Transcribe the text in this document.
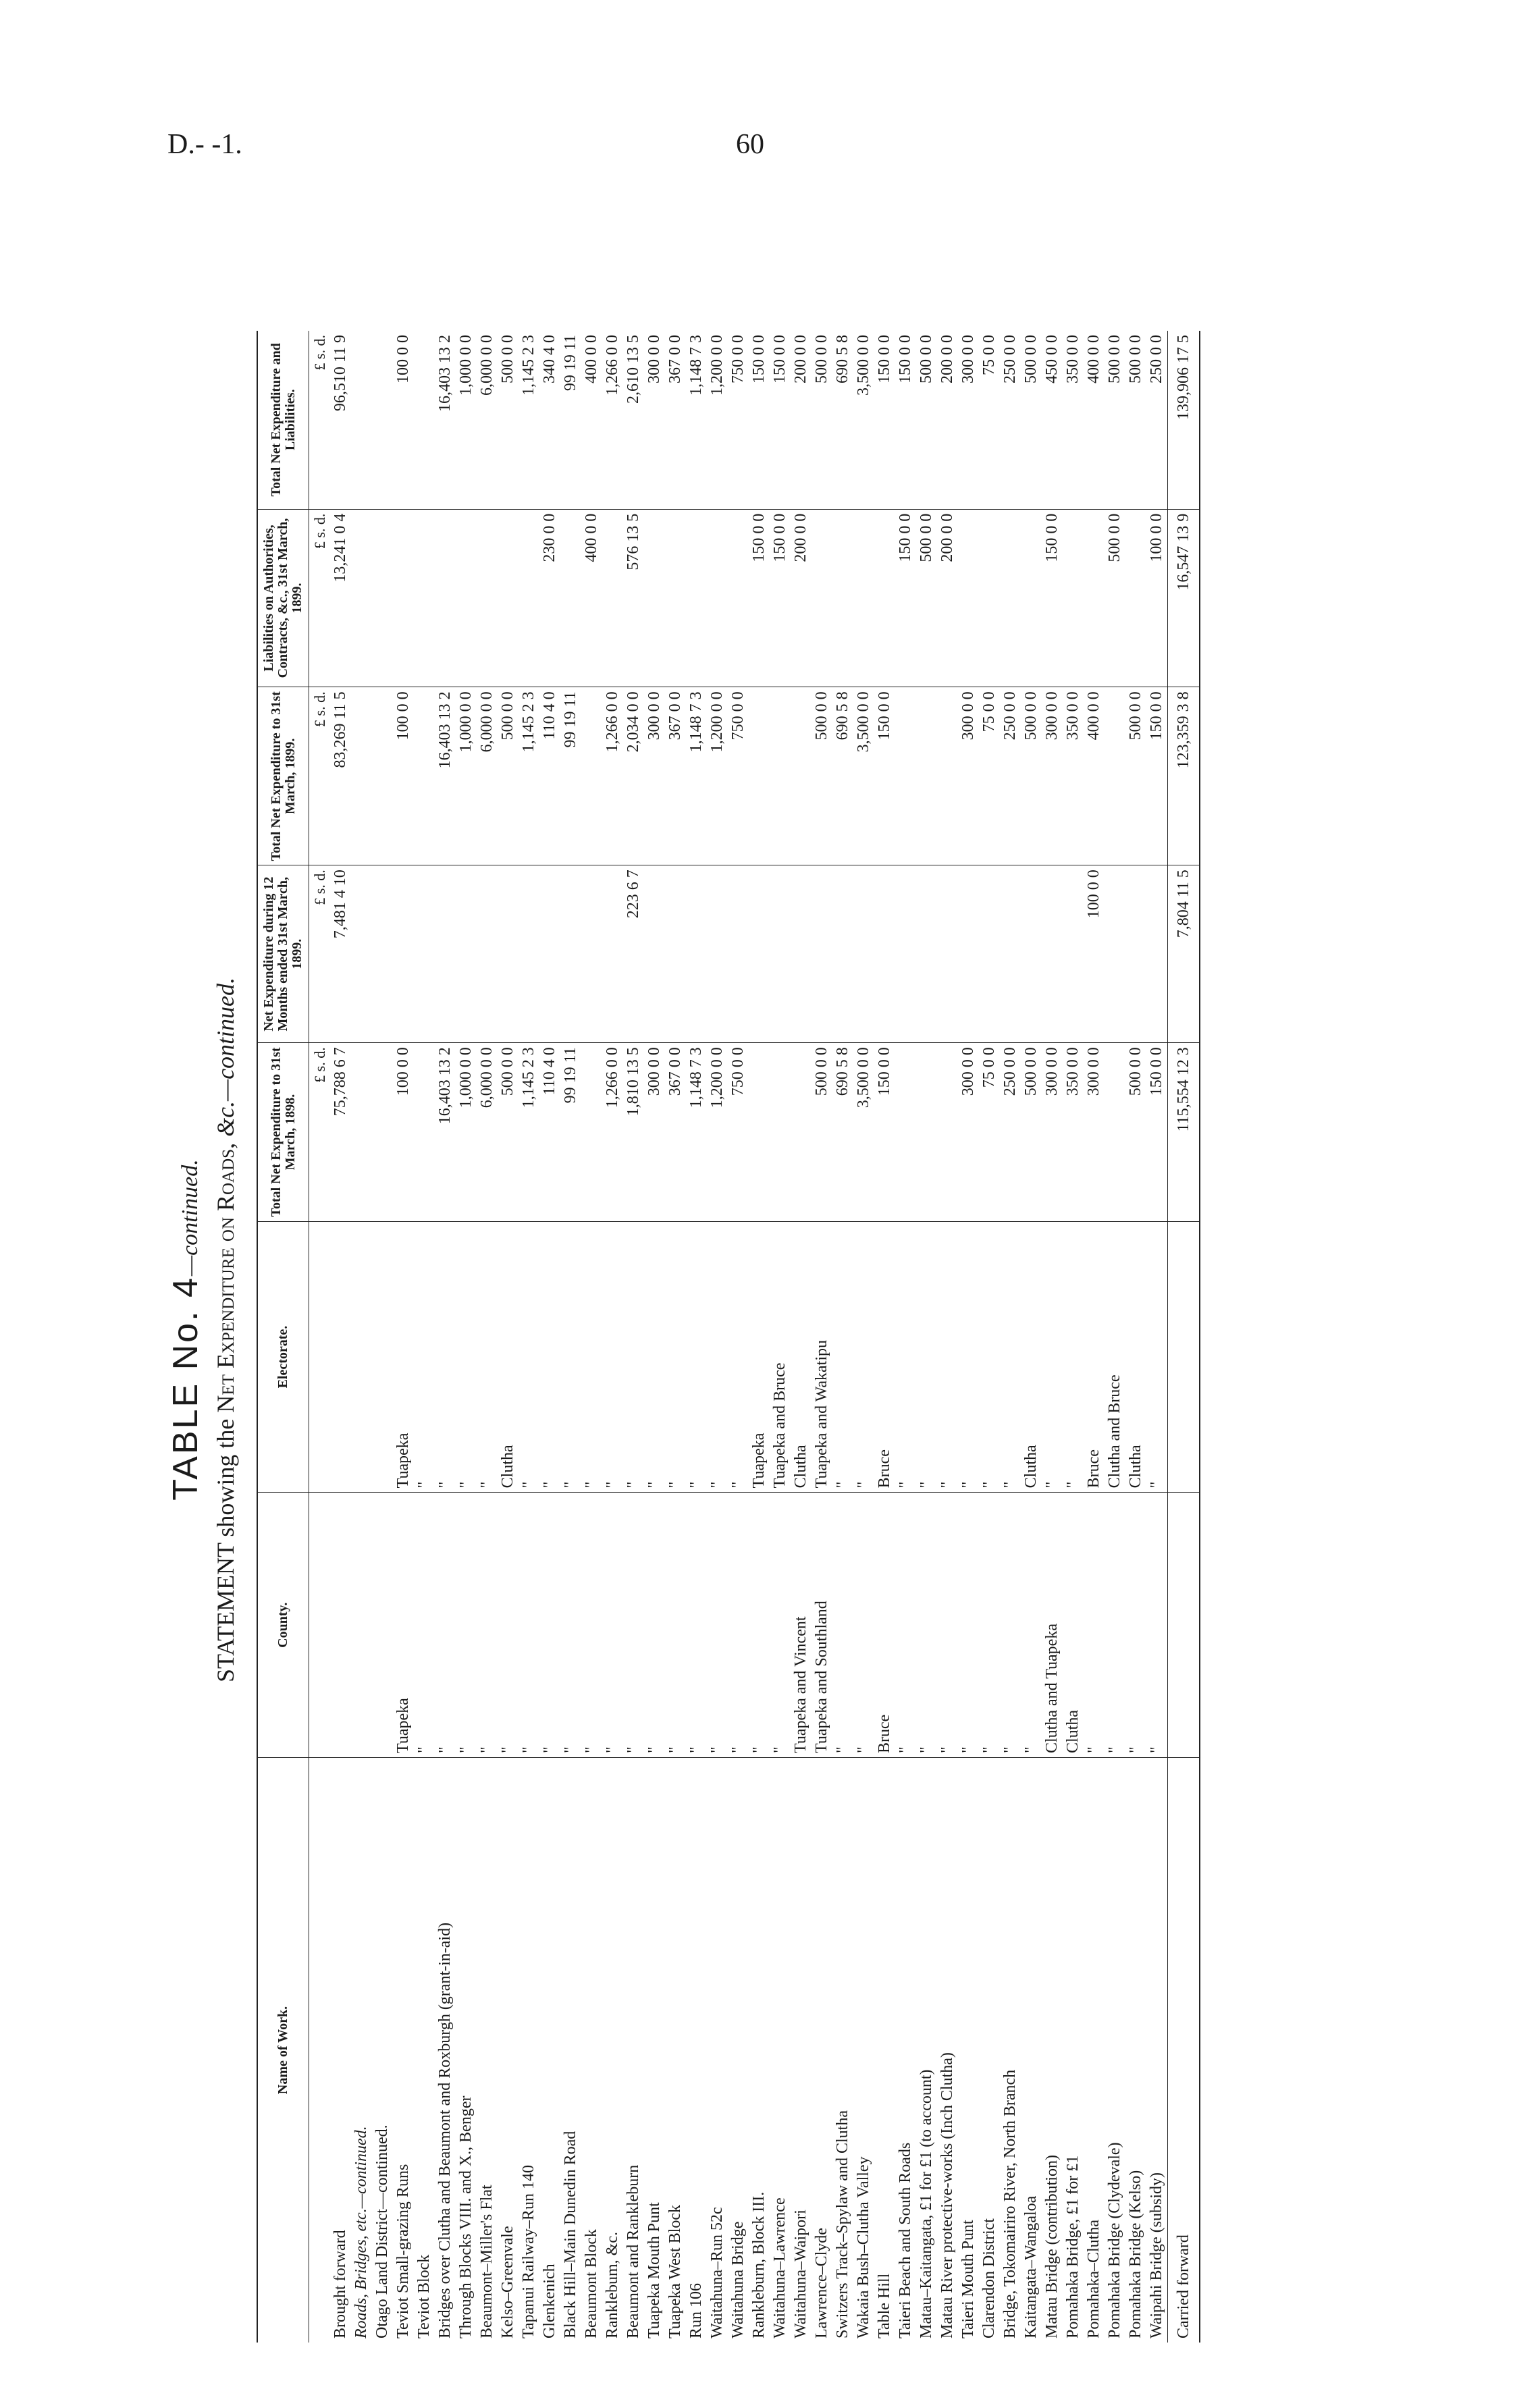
D.- -1.	60
TABLE No. 4—continued.
STATEMENT showing the Net Expenditure on Roads, &c.—continued.
Name of Work.	County.	Electorate.	Total Net Expenditure to 31st March, 1898.	Net Expenditure during 12 Months ended 31st March, 1899.	Total Net Expenditure to 31st March, 1899.	Liabilities on Authorities, Contracts, &c., 31st March, 1899.	Total Net Expenditure and Liabilities.
			£ s. d.	£ s. d.	£ s. d.	£ s. d.	£ s. d.
Brought forward			75,788 6 7	7,481 4 10	83,269 11 5	13,241 0 4	96,510 11 9
Roads, Bridges, etc.—continued.							
Otago Land District—continued.							
Teviot Small-grazing Runs	Tuapeka	Tuapeka	100 0 0		100 0 0		100 0 0
Teviot Block	"	"					
Bridges over Clutha and Beaumont and Roxburgh (grant-in-aid)	"	"	16,403 13 2		16,403 13 2		16,403 13 2
Through Blocks VIII. and X., Benger	"	"	1,000 0 0		1,000 0 0		1,000 0 0
Beaumont–Miller's Flat	"	"	6,000 0 0		6,000 0 0		6,000 0 0
Kelso–Greenvale	"	Clutha	500 0 0		500 0 0		500 0 0
Tapanui Railway–Run 140	"	"	1,145 2 3		1,145 2 3		1,145 2 3
Glenkenich	"	"	110 4 0		110 4 0	230 0 0	340 4 0
Black Hill–Main Dunedin Road	"	"	99 19 11		99 19 11		99 19 11
Beaumont Block	"	"				400 0 0	400 0 0
Ranklebum, &c.	"	"	1,266 0 0		1,266 0 0		1,266 0 0
Beaumont and Rankleburn	"	"	1,810 13 5	223 6 7	2,034 0 0	576 13 5	2,610 13 5
Tuapeka Mouth Punt	"	"	300 0 0		300 0 0		300 0 0
Tuapeka West Block	"	"	367 0 0		367 0 0		367 0 0
Run 106	"	"	1,148 7 3		1,148 7 3		1,148 7 3
Waitahuna–Run 52c	"	"	1,200 0 0		1,200 0 0		1,200 0 0
Waitahuna Bridge	"	"	750 0 0		750 0 0		750 0 0
Rankleburn, Block III.	"	Tuapeka				150 0 0	150 0 0
Waitahuna–Lawrence	"	Tuapeka and Bruce				150 0 0	150 0 0
Waitahuna–Waipori	Tuapeka and Vincent	Clutha				200 0 0	200 0 0
Lawrence–Clyde	Tuapeka and Southland	Tuapeka and Wakatipu	500 0 0		500 0 0		500 0 0
Switzers Track–Spylaw and Clutha	"	"	690 5 8		690 5 8		690 5 8
Wakaia Bush–Clutha Valley	"	"	3,500 0 0		3,500 0 0		3,500 0 0
Table Hill	Bruce	Bruce	150 0 0		150 0 0		150 0 0
Taieri Beach and South Roads	"	"				150 0 0	150 0 0
Matau–Kaitangata, £1 for £1 (to account)	"	"				500 0 0	500 0 0
Matau River protective-works (Inch Clutha)	"	"				200 0 0	200 0 0
Taieri Mouth Punt	"	"	300 0 0		300 0 0		300 0 0
Clarendon District	"	"	75 0 0		75 0 0		75 0 0
Bridge, Tokomairiro River, North Branch	"	"	250 0 0		250 0 0		250 0 0
Kaitangata–Wangaloa	"	Clutha	500 0 0		500 0 0		500 0 0
Matau Bridge (contribution)	Clutha and Tuapeka	"	300 0 0		300 0 0	150 0 0	450 0 0
Pomahaka Bridge, £1 for £1	Clutha	"	350 0 0		350 0 0		350 0 0
Pomahaka–Clutha	"	Bruce	300 0 0	100 0 0	400 0 0		400 0 0
Pomahaka Bridge (Clydevale)	"	Clutha and Bruce				500 0 0	500 0 0
Pomahaka Bridge (Kelso)	"	Clutha	500 0 0		500 0 0		500 0 0
Waipahi Bridge (subsidy)	"	"	150 0 0		150 0 0	100 0 0	250 0 0
Carried forward			115,554 12 3	7,804 11 5	123,359 3 8	16,547 13 9	139,906 17 5
